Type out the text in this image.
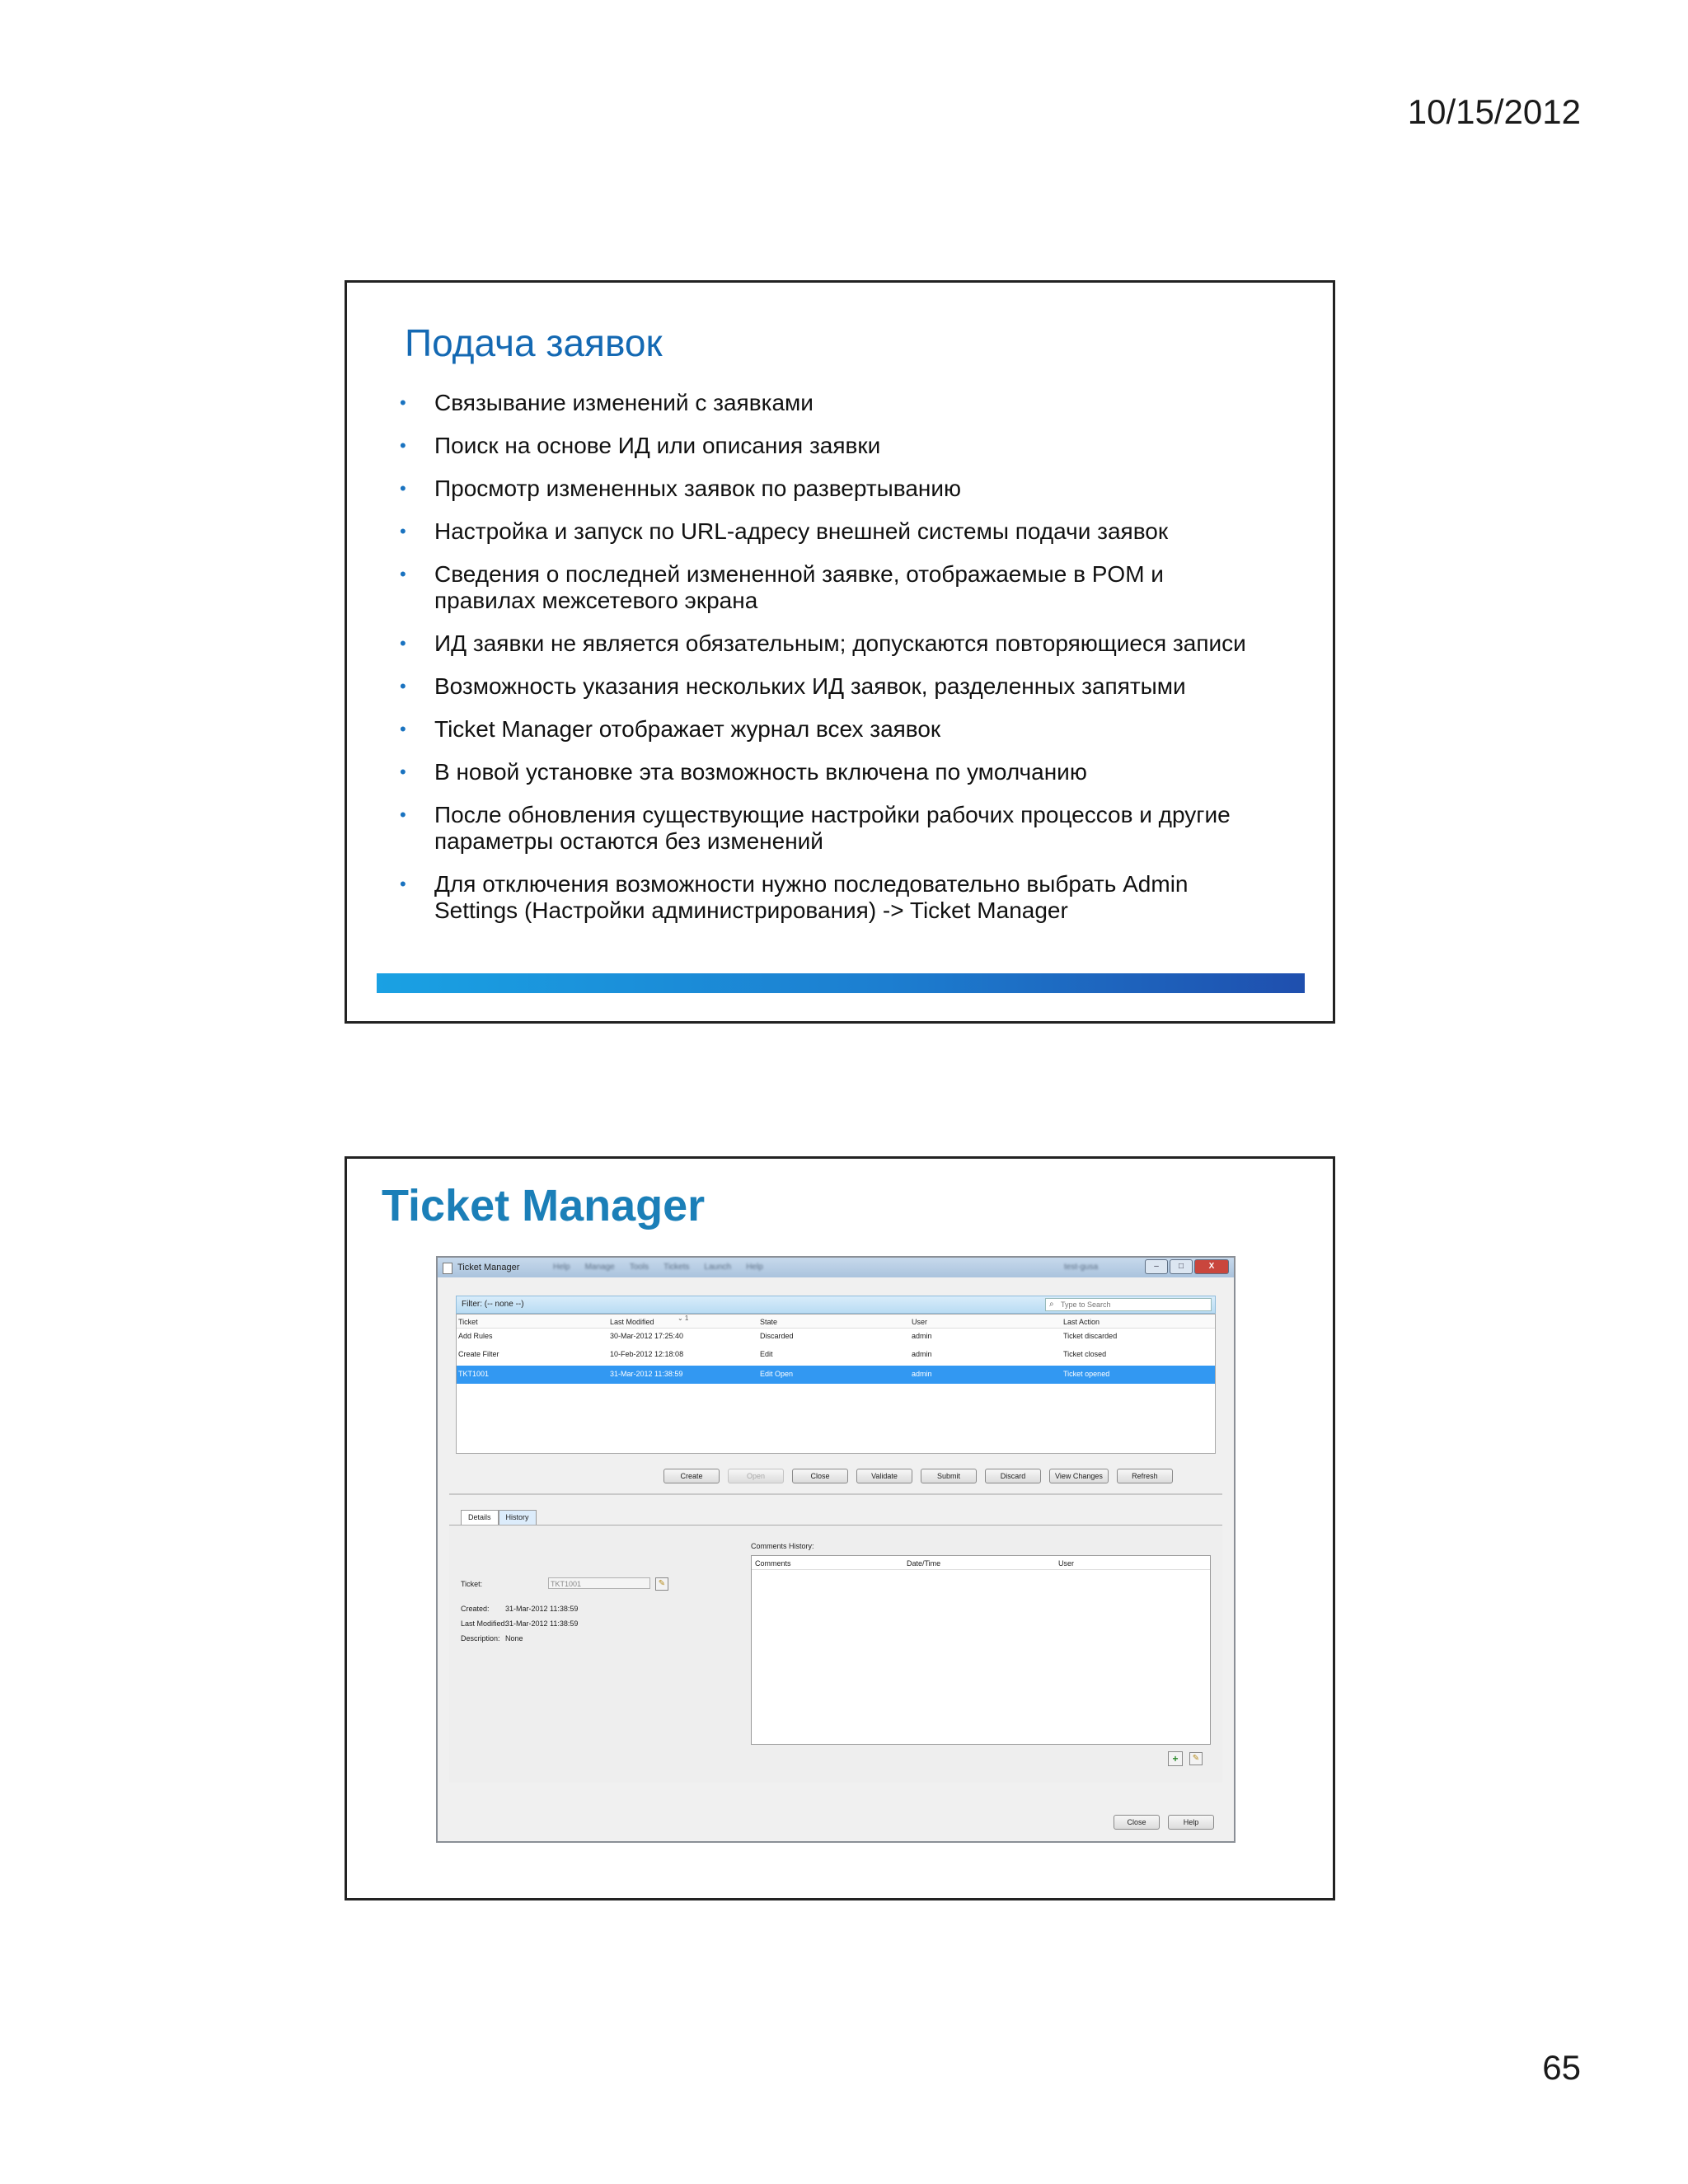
10/15/2012
Подача заявок
• Связывание изменений с заявками
• Поиск на основе ИД или описания заявки
• Просмотр измененных заявок по развертыванию
• Настройка и запуск по URL-адресу внешней системы подачи заявок
• Сведения о последней измененной заявке, отображаемые в POM и правилах межсетевого экрана
• ИД заявки не является обязательным; допускаются повторяющиеся записи
• Возможность указания нескольких ИД заявок, разделенных запятыми
• Ticket Manager отображает журнал всех заявок
• В новой установке эта возможность включена по умолчанию
• После обновления существующие настройки рабочих процессов и другие параметры остаются без изменений
• Для отключения возможности нужно последовательно выбрать Admin Settings (Настройки администрирования) -> Ticket Manager
Ticket Manager
Ticket Manager	Help Manage Tools Tickets Launch Help	test-gusa	–	□	X
Filter: (-- none --)	⌕
Type to Search
Ticket	Last Modified	⌄ 1	State	User	Last Action
Add Rules	30-Mar-2012 17:25:40	Discarded	admin	Ticket discarded
Create Filter	10-Feb-2012 12:18:08	Edit	admin	Ticket closed
TKT1001	31-Mar-2012 11:38:59	Edit Open	admin	Ticket opened
Create	Open	Close	Validate	Submit	Discard	View Changes	Refresh
Details	History
Ticket:	TKT1001	✎
Created: 31-Mar-2012 11:38:59
Last Modified:
31-Mar-2012 11:38:59
Description: None
Comments History:
Comments	Date/Time	User
+	✎
Close	Help
65
